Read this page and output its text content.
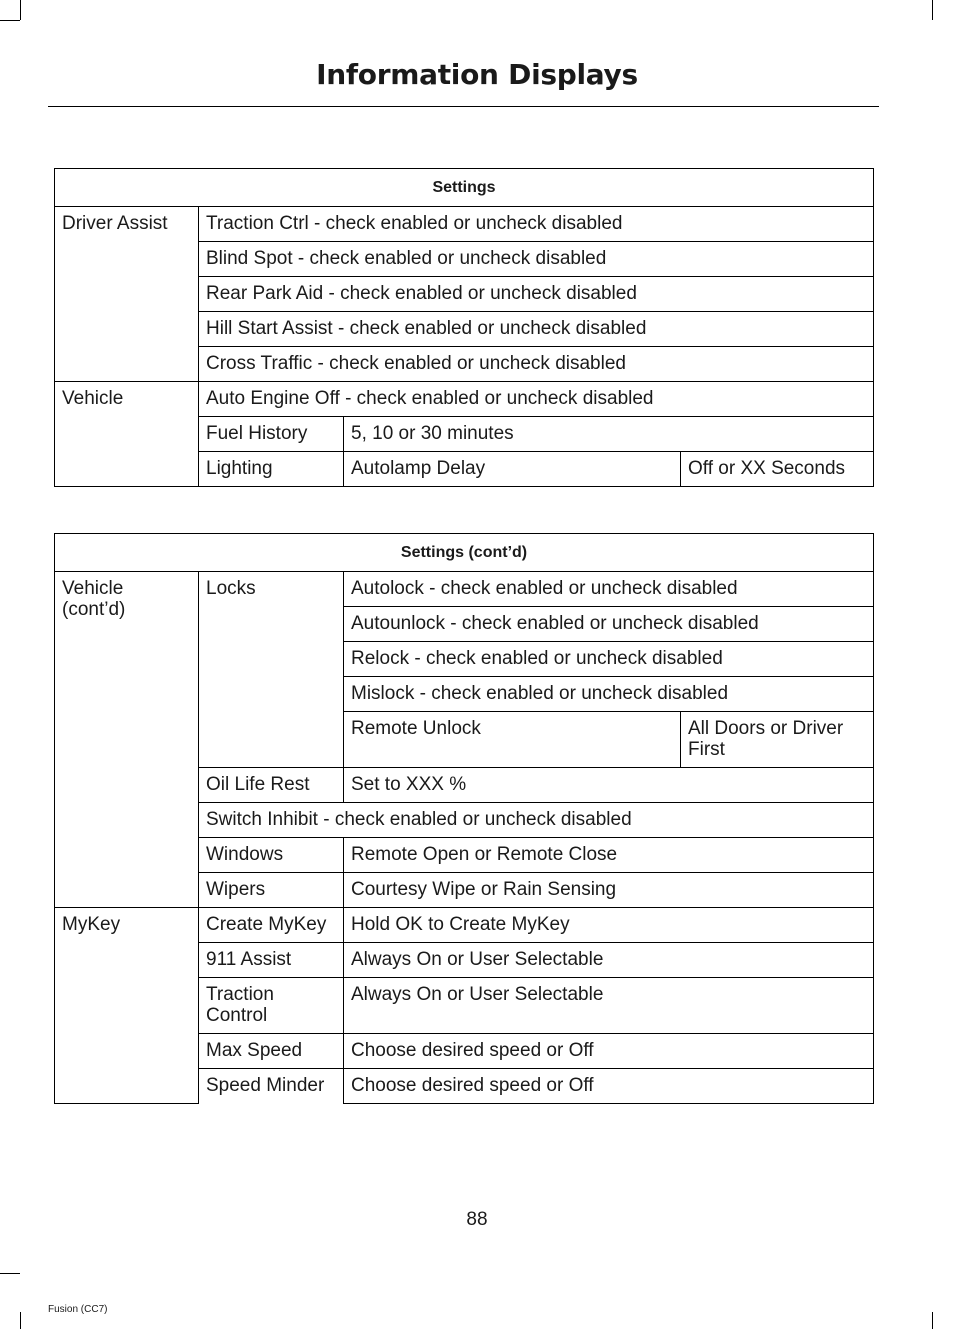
Information Displays
Settings			
Driver Assist	Traction Ctrl - check enabled or uncheck disabled		
	Blind Spot - check enabled or uncheck disabled		
	Rear Park Aid - check enabled or uncheck disabled		
	Hill Start Assist - check enabled or uncheck disabled		
	Cross Traffic - check enabled or uncheck disabled		
Vehicle	Auto Engine Off - check enabled or uncheck disabled		
	Fuel History	5, 10 or 30 minutes	
	Lighting	Autolamp Delay	Off or XX Seconds
Settings (cont’d)			
Vehicle (cont’d)	Locks	Autolock - check enabled or uncheck disabled	
		Autounlock - check enabled or uncheck disabled	
		Relock - check enabled or uncheck disabled	
		Mislock - check enabled or uncheck disabled	
		Remote Unlock	All Doors or Driver First
	Oil Life Rest	Set to XXX %	
	Switch Inhibit - check enabled or uncheck disabled		
	Windows	Remote Open or Remote Close	
	Wipers	Courtesy Wipe or Rain Sensing	
MyKey	Create MyKey	Hold OK to Create MyKey	
	911 Assist	Always On or User Selectable	
	Traction Control	Always On or User Selectable	
	Max Speed	Choose desired speed or Off	
	Speed Minder	Choose desired speed or Off	
88
Fusion (CC7)
